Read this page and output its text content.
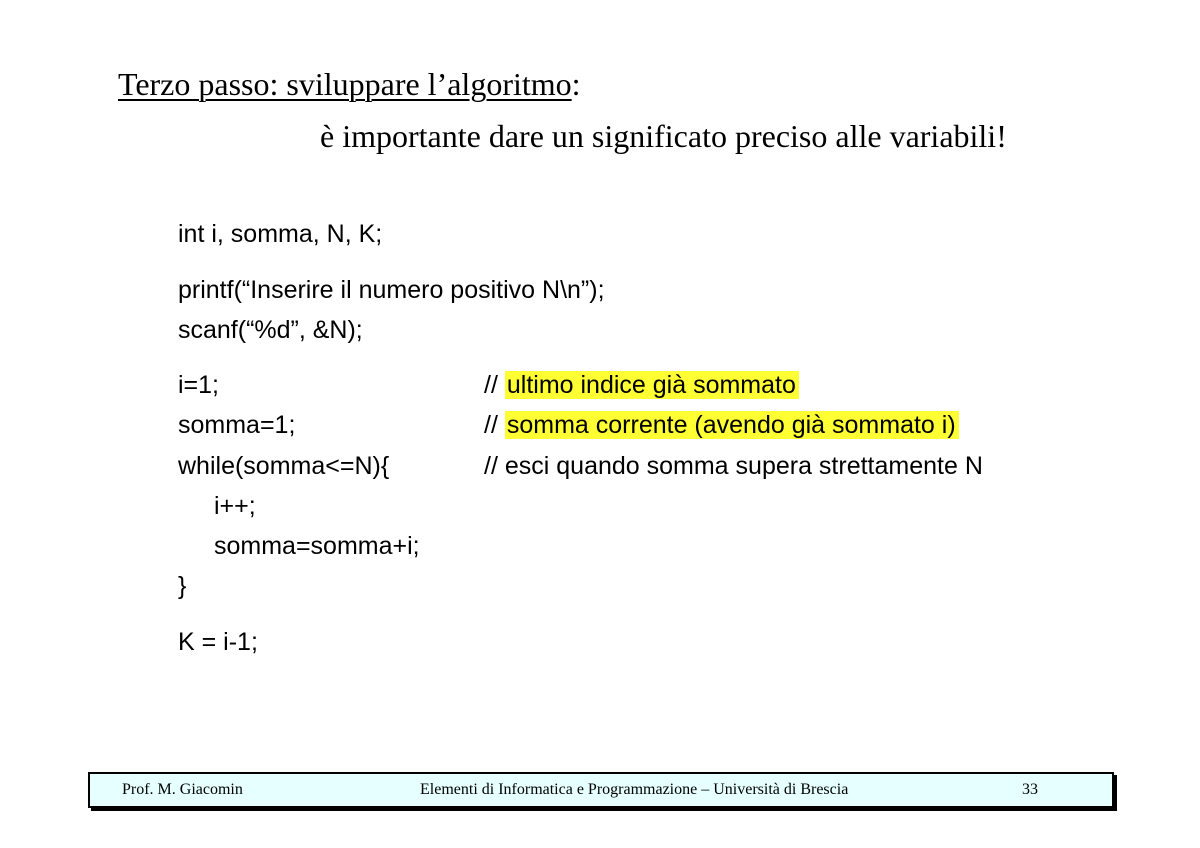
Terzo passo: sviluppare l’algoritmo:
è importante dare un significato preciso alle variabili!
int i, somma, N, K;
printf(“Inserire il numero positivo N\n”);
scanf(“%d”, &N);
i=1;	// ultimo indice già sommato
somma=1;	// somma corrente (avendo già sommato i)
while(somma<=N){	// esci quando somma supera strettamente N
i++;
somma=somma+i;
}
K = i-1;
Prof. M. Giacomin	Elementi di Informatica e Programmazione – Università di Brescia	33
